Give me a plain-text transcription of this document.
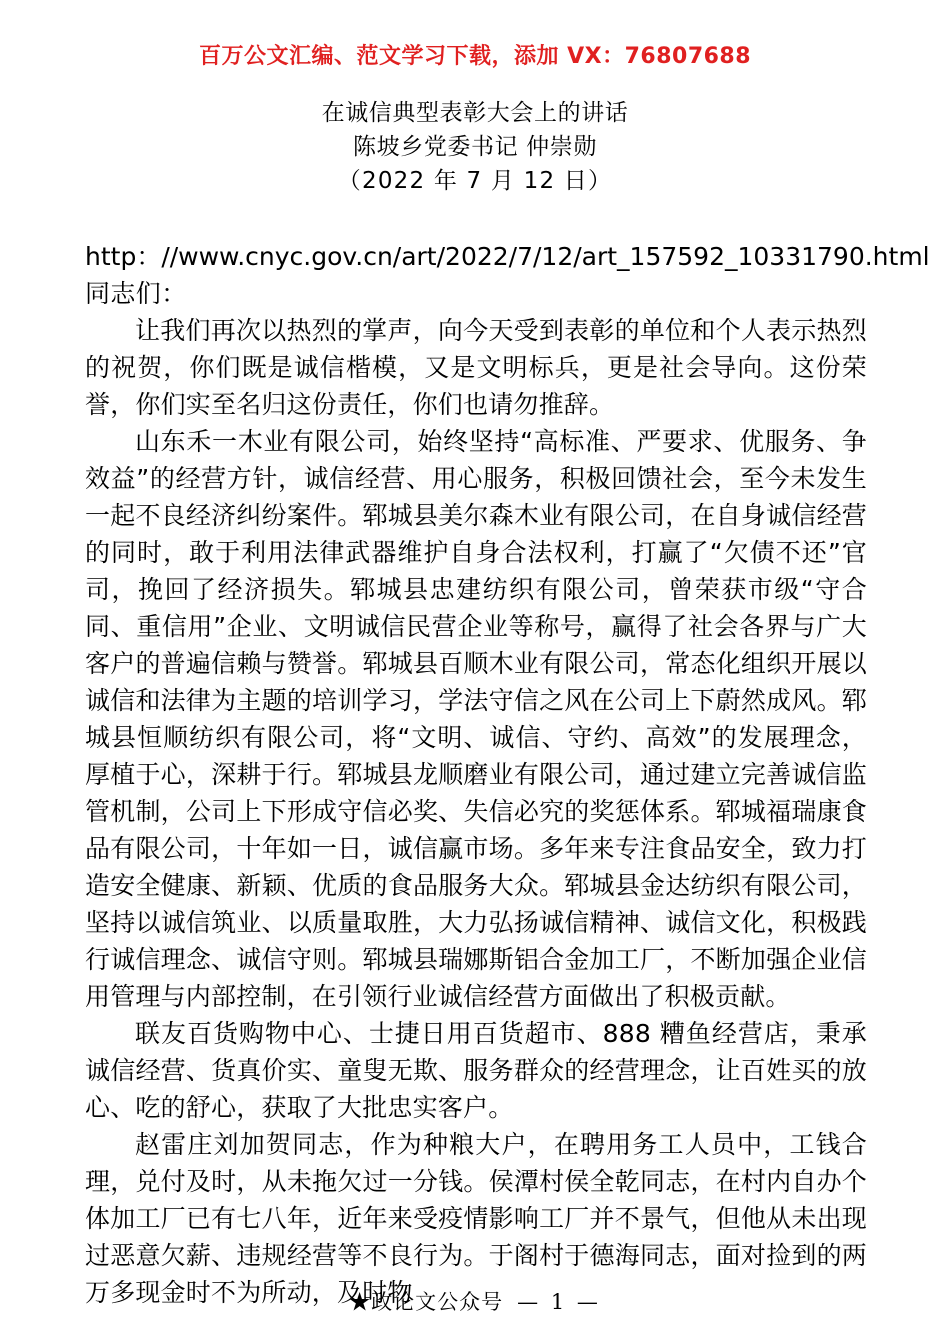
百万公文汇编、范文学习下载，添加 VX：76807688
在诚信典型表彰大会上的讲话
陈坡乡党委书记 仲崇勋
（2022 年 7 月 12 日）
http：//www.cnyc.gov.cn/art/2022/7/12/art_157592_10331790.html
同志们：

让我们再次以热烈的掌声，向今天受到表彰的单位和个人表示热烈的祝贺，你们既是诚信楷模，又是文明标兵，更是社会导向。这份荣誉，你们实至名归这份责任，你们也请勿推辞。

山东禾一木业有限公司，始终坚持“高标准、严要求、优服务、争效益”的经营方针，诚信经营、用心服务，积极回馈社会，至今未发生一起不良经济纠纷案件。郓城县美尔森木业有限公司，在自身诚信经营的同时，敢于利用法律武器维护自身合法权利，打赢了“欠债不还”官司，挽回了经济损失。郓城县忠建纺织有限公司，曾荣获市级“守合同、重信用”企业、文明诚信民营企业等称号，赢得了社会各界与广大客户的普遍信赖与赞誉。郓城县百顺木业有限公司，常态化组织开展以诚信和法律为主题的培训学习，学法守信之风在公司上下蔚然成风。郓城县恒顺纺织有限公司，将“文明、诚信、守约、高效”的发展理念，厚植于心，深耕于行。郓城县龙顺磨业有限公司，通过建立完善诚信监管机制，公司上下形成守信必奖、失信必究的奖惩体系。郓城福瑞康食品有限公司，十年如一日，诚信赢市场。多年来专注食品安全，致力打造安全健康、新颖、优质的食品服务大众。郓城县金达纺织有限公司，坚持以诚信筑业、以质量取胜，大力弘扬诚信精神、诚信文化，积极践行诚信理念、诚信守则。郓城县瑞娜斯铝合金加工厂，不断加强企业信用管理与内部控制，在引领行业诚信经营方面做出了积极贡献。

联友百货购物中心、士捷日用百货超市、888 糟鱼经营店，秉承诚信经营、货真价实、童叟无欺、服务群众的经营理念，让百姓买的放心、吃的舒心，获取了大批忠实客户。

赵雷庄刘加贺同志，作为种粮大户，在聘用务工人员中，工钱合理，兑付及时，从未拖欠过一分钱。侯潭村侯全乾同志，在村内自办个体加工厂已有七八年，近年来受疫情影响工厂并不景气，但他从未出现过恶意欠薪、违规经营等不良行为。于阁村于德海同志，面对捡到的两万多现金时不为所动，及时物

★政论文公众号 — 1 —
